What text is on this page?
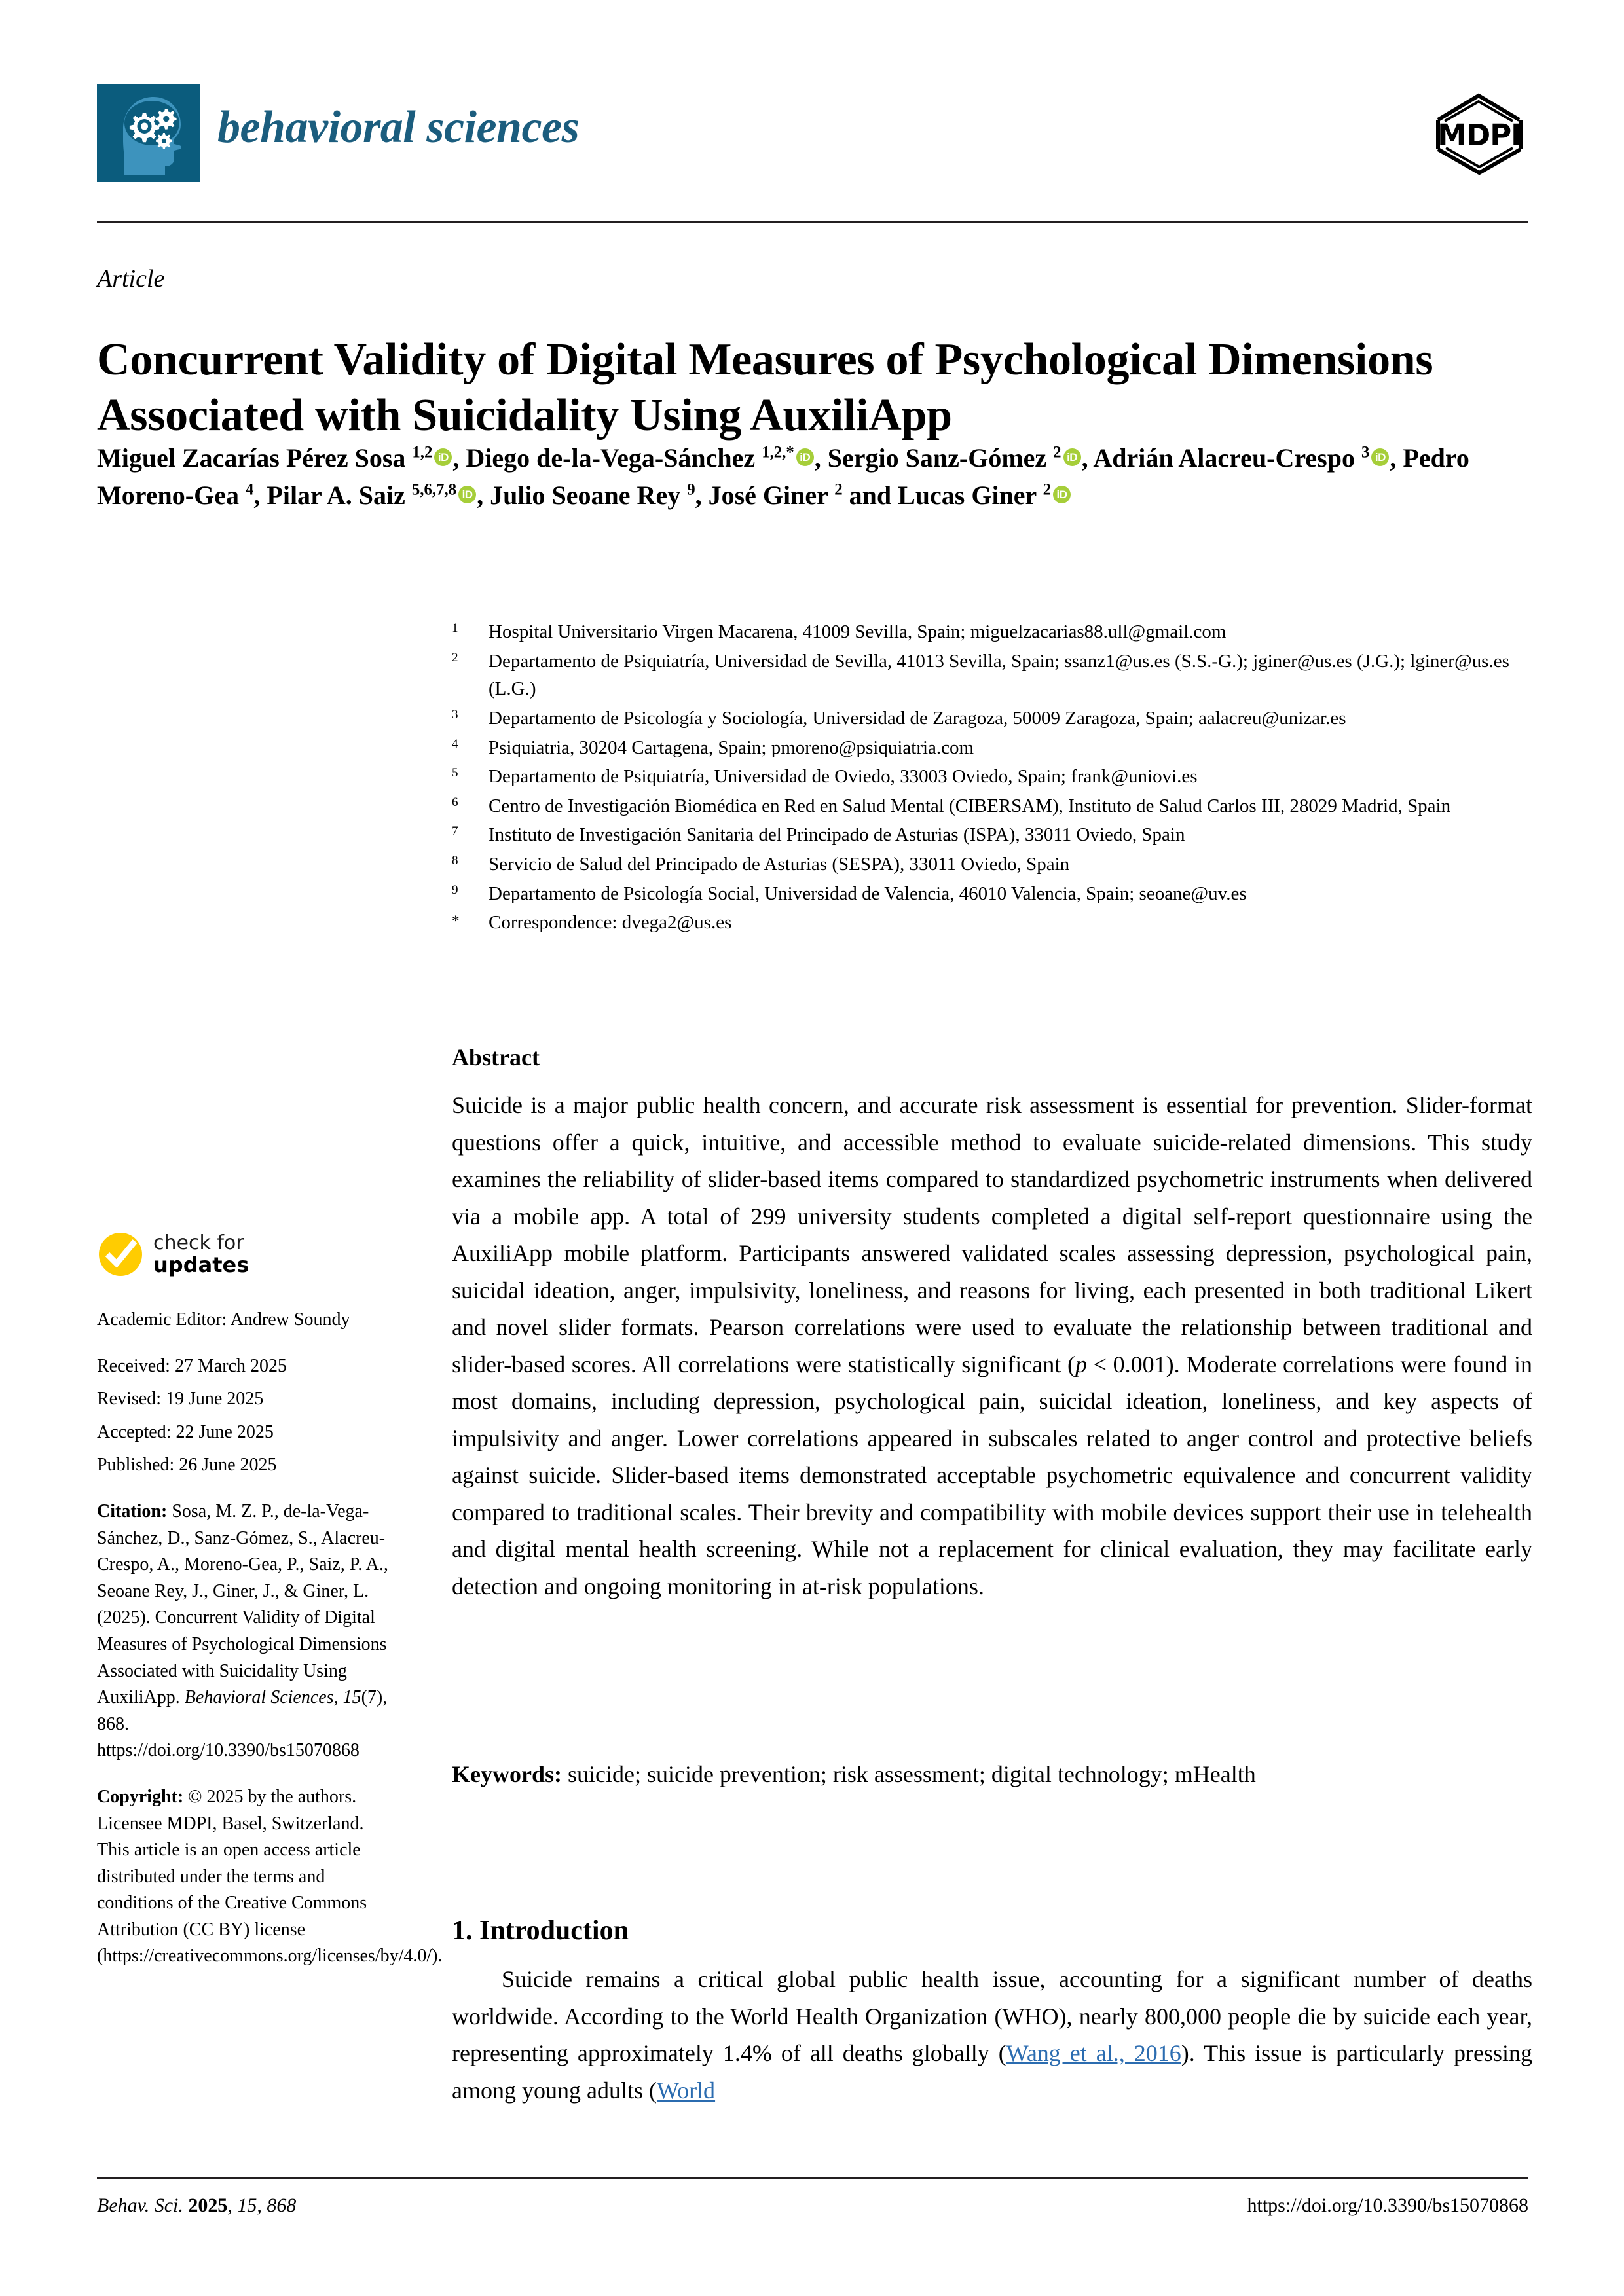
behavioral sciences	MDPI
Article
Concurrent Validity of Digital Measures of Psychological Dimensions Associated with Suicidality Using AuxiliApp
Miguel Zacarías Pérez Sosa $^{1,2}$ iD , Diego de-la-Vega-Sánchez $^{1,2,*}$ iD , Sergio Sanz-Gómez $^2$ iD , Adrián Alacreu-Crespo $^3$ iD , Pedro Moreno-Gea $^4$, Pilar A. Saiz $^{5,6,7,8}$ iD , Julio Seoane Rey $^9$, José Giner $^2$ and Lucas Giner $^2$ iD
$^1$	Hospital Universitario Virgen Macarena, 41009 Sevilla, Spain; miguelzacarias88.ull@gmail.com
$^2$	Departamento de Psiquiatría, Universidad de Sevilla, 41013 Sevilla, Spain; ssanz1@us.es (S.S.-G.); jginer@us.es (J.G.); lginer@us.es (L.G.)
$^3$	Departamento de Psicología y Sociología, Universidad de Zaragoza, 50009 Zaragoza, Spain; aalacreu@unizar.es
$^4$	Psiquiatria, 30204 Cartagena, Spain; pmoreno@psiquiatria.com
$^5$	Departamento de Psiquiatría, Universidad de Oviedo, 33003 Oviedo, Spain; frank@uniovi.es
$^6$	Centro de Investigación Biomédica en Red en Salud Mental (CIBERSAM), Instituto de Salud Carlos III, 28029 Madrid, Spain
$^7$	Instituto de Investigación Sanitaria del Principado de Asturias (ISPA), 33011 Oviedo, Spain
$^8$	Servicio de Salud del Principado de Asturias (SESPA), 33011 Oviedo, Spain
$^9$	Departamento de Psicología Social, Universidad de Valencia, 46010 Valencia, Spain; seoane@uv.es
*	Correspondence: dvega2@us.es
Abstract
Suicide is a major public health concern, and accurate risk assessment is essential for prevention. Slider-format questions offer a quick, intuitive, and accessible method to evaluate suicide-related dimensions. This study examines the reliability of slider-based items compared to standardized psychometric instruments when delivered via a mobile app. A total of 299 university students completed a digital self-report questionnaire using the AuxiliApp mobile platform. Participants answered validated scales assessing depression, psychological pain, suicidal ideation, anger, impulsivity, loneliness, and reasons for living, each presented in both traditional Likert and novel slider formats. Pearson correlations were used to evaluate the relationship between traditional and slider-based scores. All correlations were statistically significant (p < 0.001). Moderate correlations were found in most domains, including depression, psychological pain, suicidal ideation, loneliness, and key aspects of impulsivity and anger. Lower correlations appeared in subscales related to anger control and protective beliefs against suicide. Slider-based items demonstrated acceptable psychometric equivalence and concurrent validity compared to traditional scales. Their brevity and compatibility with mobile devices support their use in telehealth and digital mental health screening. While not a replacement for clinical evaluation, they may facilitate early detection and ongoing monitoring in at-risk populations.
Keywords: suicide; suicide prevention; risk assessment; digital technology; mHealth
1. Introduction
Suicide remains a critical global public health issue, accounting for a significant number of deaths worldwide. According to the World Health Organization (WHO), nearly 800,000 people die by suicide each year, representing approximately 1.4% of all deaths globally (Wang et al., 2016). This issue is particularly pressing among young adults (World
check for
updates

Academic Editor: Andrew Soundy

Received: 27 March 2025

Revised: 19 June 2025

Accepted: 22 June 2025

Published: 26 June 2025

Citation: Sosa, M. Z. P., de-la-Vega-Sánchez, D., Sanz-Gómez, S., Alacreu-Crespo, A., Moreno-Gea, P., Saiz, P. A., Seoane Rey, J., Giner, J., & Giner, L. (2025). Concurrent Validity of Digital Measures of Psychological Dimensions Associated with Suicidality Using AuxiliApp. Behavioral Sciences, 15(7), 868. https://doi.org/10.3390/bs15070868

Copyright: © 2025 by the authors. Licensee MDPI, Basel, Switzerland. This article is an open access article distributed under the terms and conditions of the Creative Commons Attribution (CC BY) license (https://creativecommons.org/licenses/by/4.0/).

Behav. Sci. 2025, 15, 868	https://doi.org/10.3390/bs15070868
